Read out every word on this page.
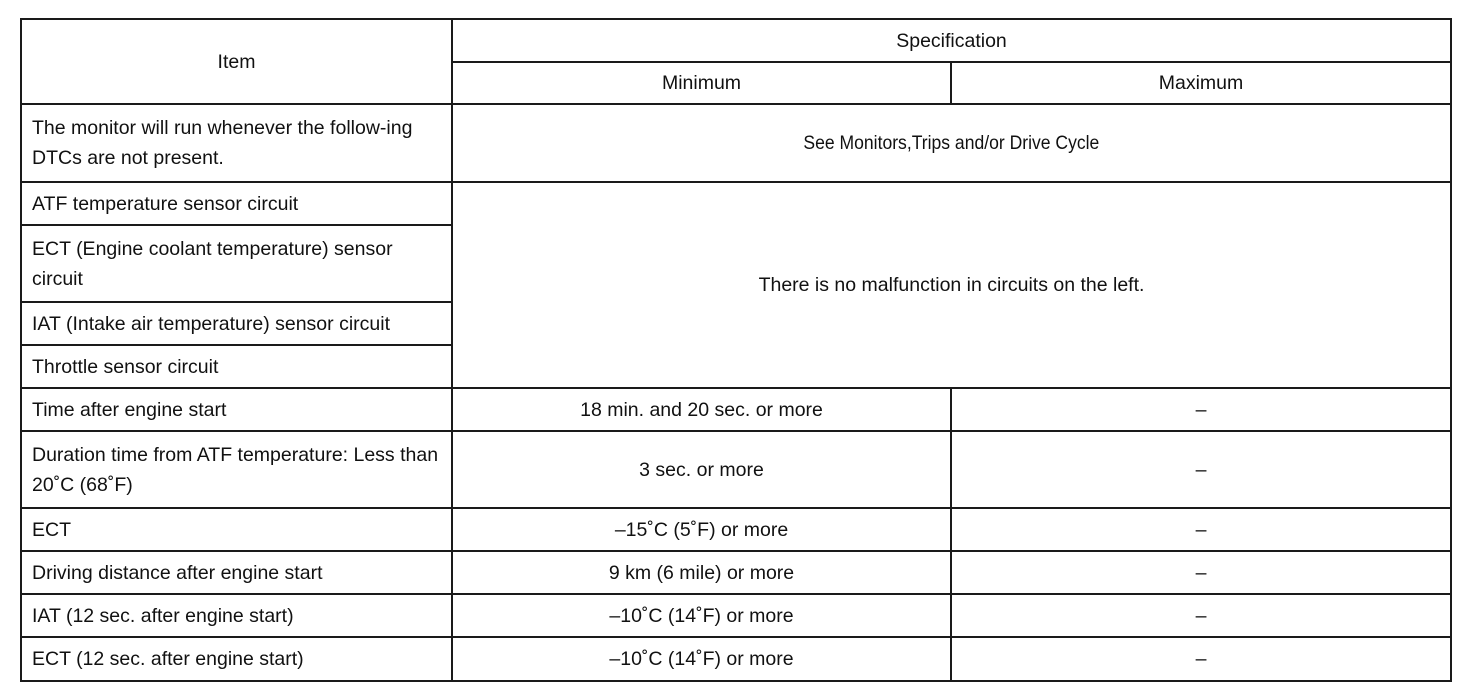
Item	Specification	
	Minimum	Maximum
The monitor will run whenever the follow-ing DTCs are not present.	See Monitors,Trips and/or Drive Cycle	
ATF temperature sensor circuit	There is no malfunction in circuits on the left.	
ECT (Engine coolant temperature) sensor circuit		
IAT (Intake air temperature) sensor circuit		
Throttle sensor circuit		
Time after engine start	18 min. and 20 sec. or more	–
Duration time from ATF temperature: Less than 20˚C (68˚F)	3 sec. or more	–
ECT	–15˚C (5˚F) or more	–
Driving distance after engine start	9 km (6 mile) or more	–
IAT (12 sec. after engine start)	–10˚C (14˚F) or more	–
ECT (12 sec. after engine start)	–10˚C (14˚F) or more	–
